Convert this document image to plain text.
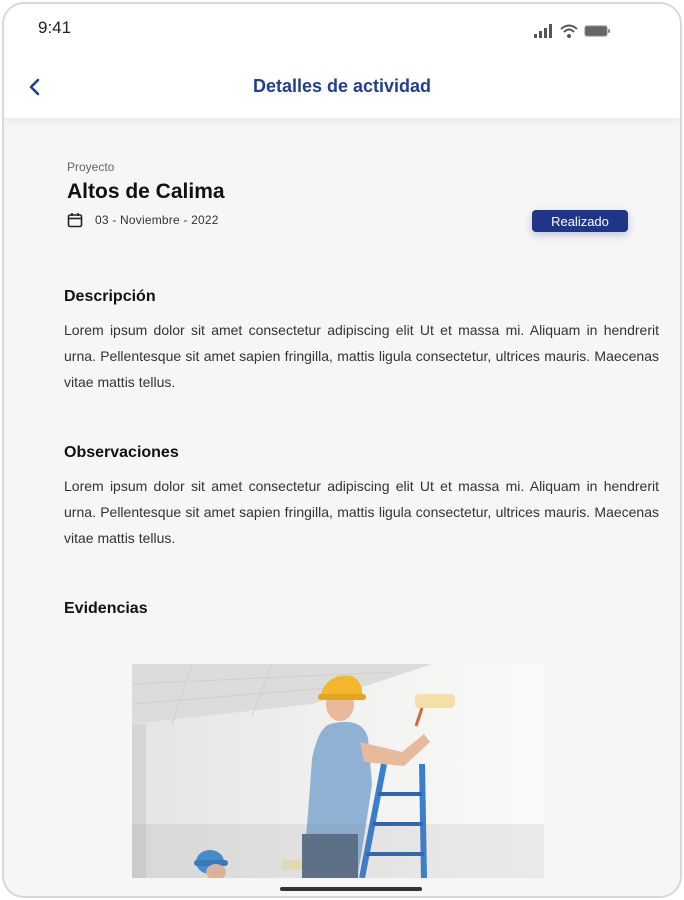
9:41
Detalles de actividad
Proyecto
Altos de Calima
03 - Noviembre - 2022	Realizado
Descripción
Lorem ipsum dolor sit amet consectetur adipiscing elit Ut et massa mi. Aliquam in hendrerit urna. Pellentesque sit amet sapien fringilla, mattis ligula consectetur, ultrices mauris. Maecenas vitae mattis tellus.
Observaciones
Lorem ipsum dolor sit amet consectetur adipiscing elit Ut et massa mi. Aliquam in hendrerit urna. Pellentesque sit amet sapien fringilla, mattis ligula consectetur, ultrices mauris. Maecenas vitae mattis tellus.
Evidencias
